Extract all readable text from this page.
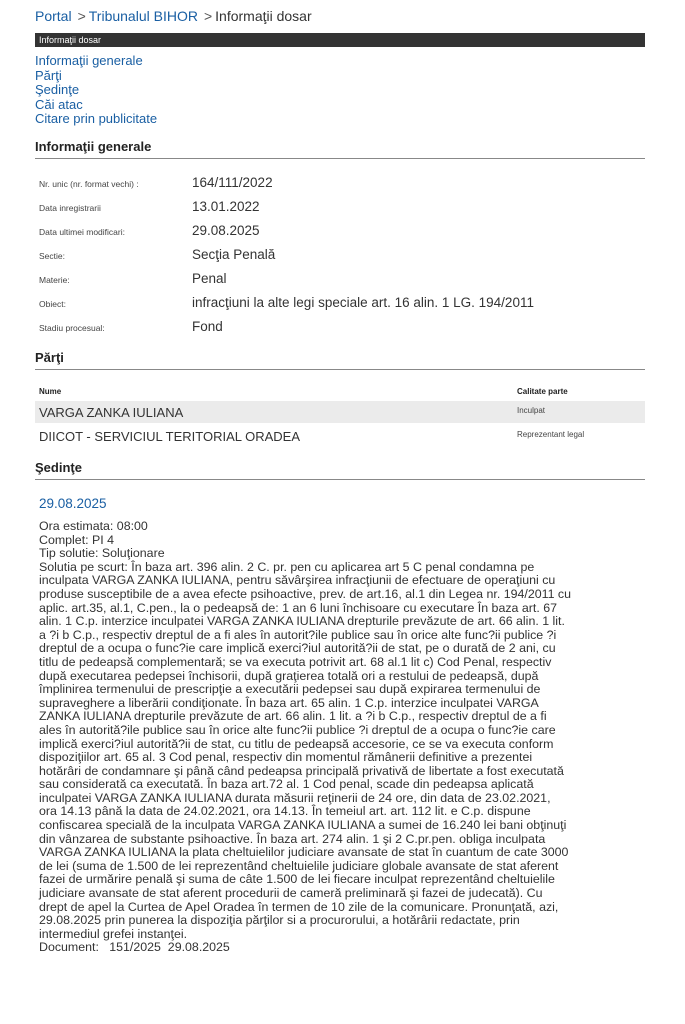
Portal > Tribunalul BIHOR > Informaţii dosar
Informaţii dosar
Informaţii generale
Părţi
Şedinţe
Căi atac
Citare prin publicitate
Informaţii generale
Nr. unic (nr. format vechi) :	164/111/2022
Data inregistrarii	13.01.2022
Data ultimei modificari:	29.08.2025
Sectie:	Secţia Penală
Materie:	Penal
Obiect:	infracţiuni la alte legi speciale art. 16 alin. 1 LG. 194/2011
Stadiu procesual:	Fond
Părţi
Nume	Calitate parte
VARGA ZANKA IULIANA	Inculpat
DIICOT - SERVICIUL TERITORIAL ORADEA	Reprezentant legal
Şedinţe
29.08.2025
Ora estimata: 08:00
Complet: PI 4
Tip solutie: Soluţionare
Solutia pe scurt: În baza art. 396 alin. 2 C. pr. pen cu aplicarea art 5 C penal condamna pe
inculpata VARGA ZANKA IULIANA, pentru săvârşirea infracţiunii de efectuare de operaţiuni cu
produse susceptibile de a avea efecte psihoactive, prev. de art.16, al.1 din Legea nr. 194/2011 cu
aplic. art.35, al.1, C.pen., la o pedeapsă de: 1 an 6 luni închisoare cu executare În baza art. 67
alin. 1 C.p. interzice inculpatei VARGA ZANKA IULIANA drepturile prevăzute de art. 66 alin. 1 lit.
a ?i b C.p., respectiv dreptul de a fi ales în autorit?ile publice sau în orice alte func?ii publice ?i
dreptul de a ocupa o func?ie care implică exerci?iul autorită?ii de stat, pe o durată de 2 ani, cu
titlu de pedeapsă complementară; se va executa potrivit art. 68 al.1 lit c) Cod Penal, respectiv
după executarea pedepsei închisorii, după graţierea totală ori a restului de pedeapsă, după
împlinirea termenului de prescripţie a executării pedepsei sau după expirarea termenului de
supraveghere a liberării condiţionate. În baza art. 65 alin. 1 C.p. interzice inculpatei VARGA
ZANKA IULIANA drepturile prevăzute de art. 66 alin. 1 lit. a ?i b C.p., respectiv dreptul de a fi
ales în autorită?ile publice sau în orice alte func?ii publice ?i dreptul de a ocupa o func?ie care
implică exerci?iul autorită?ii de stat, cu titlu de pedeapsă accesorie, ce se va executa conform
dispoziţiilor art. 65 al. 3 Cod penal, respectiv din momentul rămânerii definitive a prezentei
hotărâri de condamnare şi până când pedeapsa principală privativă de libertate a fost executată
sau considerată ca executată. În baza art.72 al. 1 Cod penal, scade din pedeapsa aplicată
inculpatei VARGA ZANKA IULIANA durata măsurii reţinerii de 24 ore, din data de 23.02.2021,
ora 14.13 până la data de 24.02.2021, ora 14.13. În temeiul art. art. 112 lit. e C.p. dispune
confiscarea specială de la inculpata VARGA ZANKA IULIANA a sumei de 16.240 lei bani obţinuţi
din vânzarea de substante psihoactive. În baza art. 274 alin. 1 şi 2 C.pr.pen. obliga inculpata
VARGA ZANKA IULIANA la plata cheltuielilor judiciare avansate de stat în cuantum de cate 3000
de lei (suma de 1.500 de lei reprezentând cheltuielile judiciare globale avansate de stat aferent
fazei de urmărire penală şi suma de câte 1.500 de lei fiecare inculpat reprezentând cheltuielile
judiciare avansate de stat aferent procedurii de cameră preliminară şi fazei de judecată). Cu
drept de apel la Curtea de Apel Oradea în termen de 10 zile de la comunicare. Pronunţată, azi,
29.08.2025 prin punerea la dispoziţia părţilor si a procurorului, a hotărârii redactate, prin
intermediul grefei instanţei.
Document:   151/2025  29.08.2025
